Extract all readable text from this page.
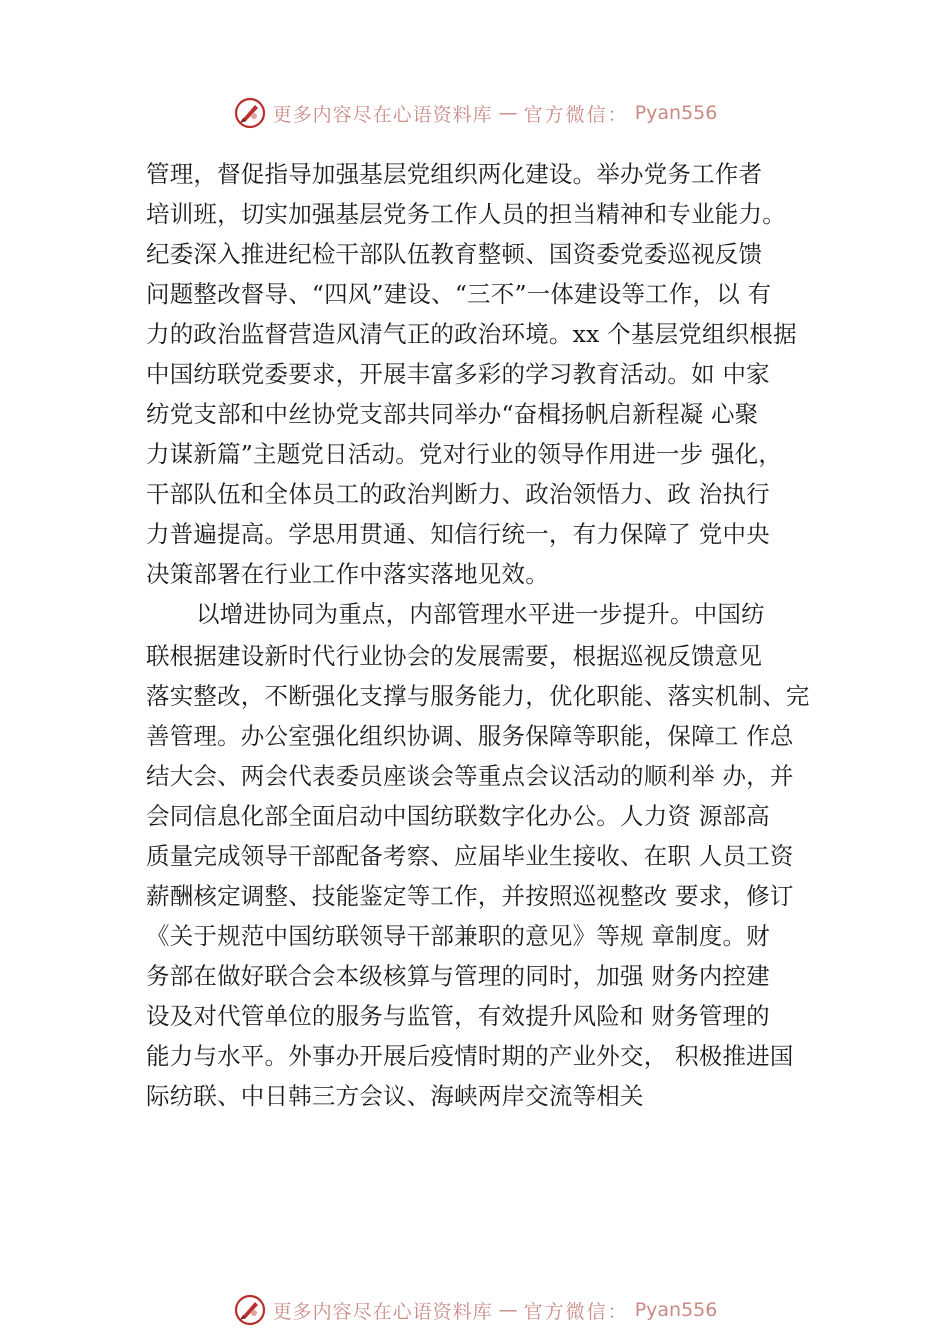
更多内容尽在心语资料库 — 官方微信： Pyan556
管理，督促指导加强基层党组织两化建设。举办党务工作者
培训班，切实加强基层党务工作人员的担当精神和专业能力。
纪委深入推进纪检干部队伍教育整顿、国资委党委巡视反馈
问题整改督导、“四风”建设、“三不”一体建设等工作，以 有
力的政治监督营造风清气正的政治环境。xx 个基层党组织根据
中国纺联党委要求，开展丰富多彩的学习教育活动。如 中家
纺党支部和中丝协党支部共同举办“奋楫扬帆启新程凝 心聚
力谋新篇”主题党日活动。党对行业的领导作用进一步 强化，
干部队伍和全体员工的政治判断力、政治领悟力、政 治执行
力普遍提高。学思用贯通、知信行统一，有力保障了 党中央
决策部署在行业工作中落实落地见效。
以增进协同为重点，内部管理水平进一步提升。中国纺
联根据建设新时代行业协会的发展需要，根据巡视反馈意见
落实整改，不断强化支撑与服务能力，优化职能、落实机制、完
善管理。办公室强化组织协调、服务保障等职能，保障工 作总
结大会、两会代表委员座谈会等重点会议活动的顺利举 办，并
会同信息化部全面启动中国纺联数字化办公。人力资 源部高
质量完成领导干部配备考察、应届毕业生接收、在职 人员工资
薪酬核定调整、技能鉴定等工作，并按照巡视整改 要求，修订
《关于规范中国纺联领导干部兼职的意见》等规 章制度。财
务部在做好联合会本级核算与管理的同时，加强 财务内控建
设及对代管单位的服务与监管，有效提升风险和 财务管理的
能力与水平。外事办开展后疫情时期的产业外交， 积极推进国
际纺联、中日韩三方会议、海峡两岸交流等相关
更多内容尽在心语资料库 — 官方微信： Pyan556
